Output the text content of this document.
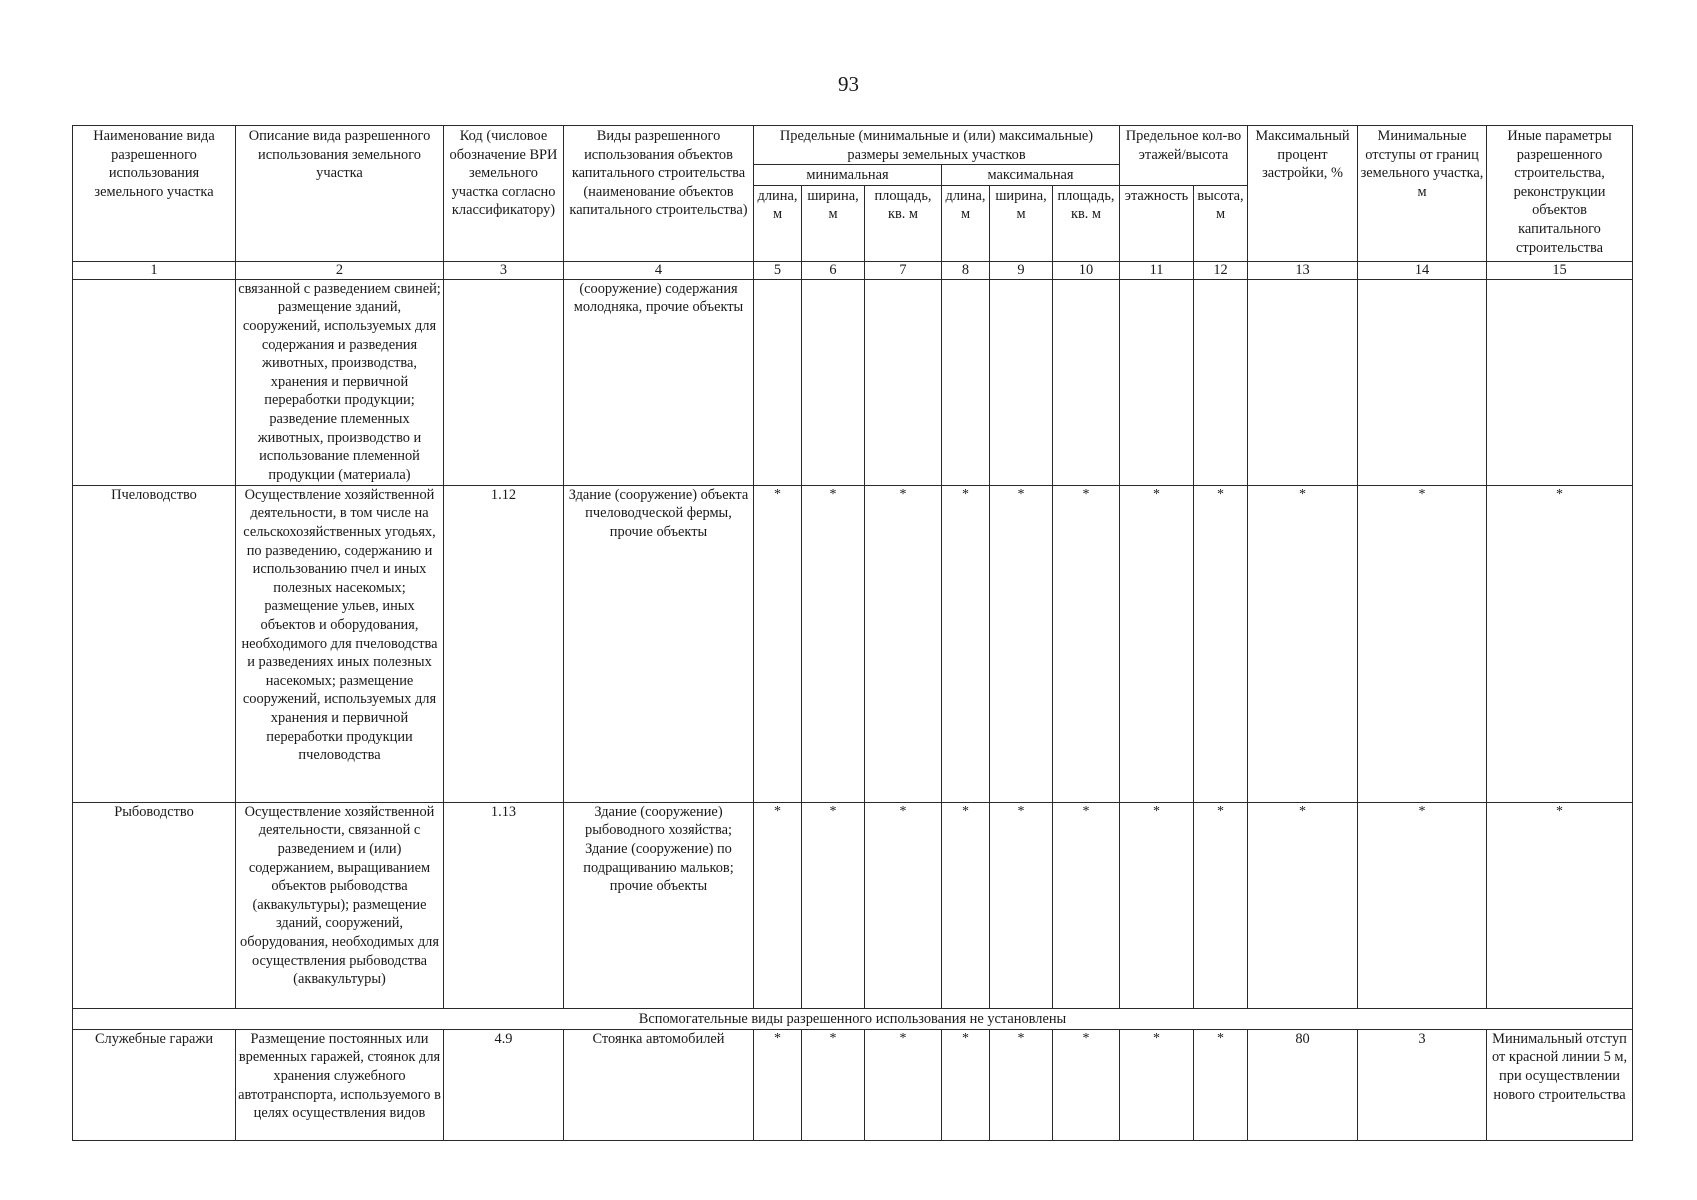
93
Наименование вида разрешенного использования земельного участка	Описание вида разрешенного использования земельного участка	Код (числовое обозначение ВРИ земельного участка согласно классификатору)	Виды разрешенного использования объектов капитального строительства (наименование объектов капитального строительства)	Предельные (минимальные и (или) максимальные) размеры земельных участков						Предельное кол-во этажей/высота		Максимальный процент застройки, %	Минимальные отступы от границ земельного участка, м	Иные параметры разрешенного строительства, реконструкции объектов капитального строительства
				минимальная			максимальная							
				длина, м	ширина, м	площадь, кв. м	длина, м	ширина, м	площадь, кв. м	этажность	высота, м			
1	2	3	4	5	6	7	8	9	10	11	12	13	14	15
	связанной с разведением свиней; размещение зданий, сооружений, используемых для содержания и разведения животных, производства, хранения и первичной переработки продукции; разведение племенных животных, производство и использование племенной продукции (материала)		(сооружение) содержания молодняка, прочие объекты											
Пчеловодство	Осуществление хозяйственной деятельности, в том числе на сельскохозяйственных угодьях, по разведению, содержанию и использованию пчел и иных полезных насекомых; размещение ульев, иных объектов и оборудования, необходимого для пчеловодства и разведениях иных полезных насекомых; размещение сооружений, используемых для хранения и первичной переработки продукции пчеловодства	1.12	Здание (сооружение) объекта пчеловодческой фермы, прочие объекты	*	*	*	*	*	*	*	*	*	*	*
Рыбоводство	Осуществление хозяйственной деятельности, связанной с разведением и (или) содержанием, выращиванием объектов рыбоводства (аквакультуры); размещение зданий, сооружений, оборудования, необходимых для осуществления рыбоводства (аквакультуры)	1.13	Здание (сооружение) рыбоводного хозяйства; Здание (сооружение) по подращиванию мальков; прочие объекты	*	*	*	*	*	*	*	*	*	*	*
Вспомогательные виды разрешенного использования не установлены														
Служебные гаражи	Размещение постоянных или временных гаражей, стоянок для хранения служебного автотранспорта, используемого в целях осуществления видов	4.9	Стоянка автомобилей	*	*	*	*	*	*	*	*	80	3	Минимальный отступ от красной линии 5 м, при осуществлении нового строительства
